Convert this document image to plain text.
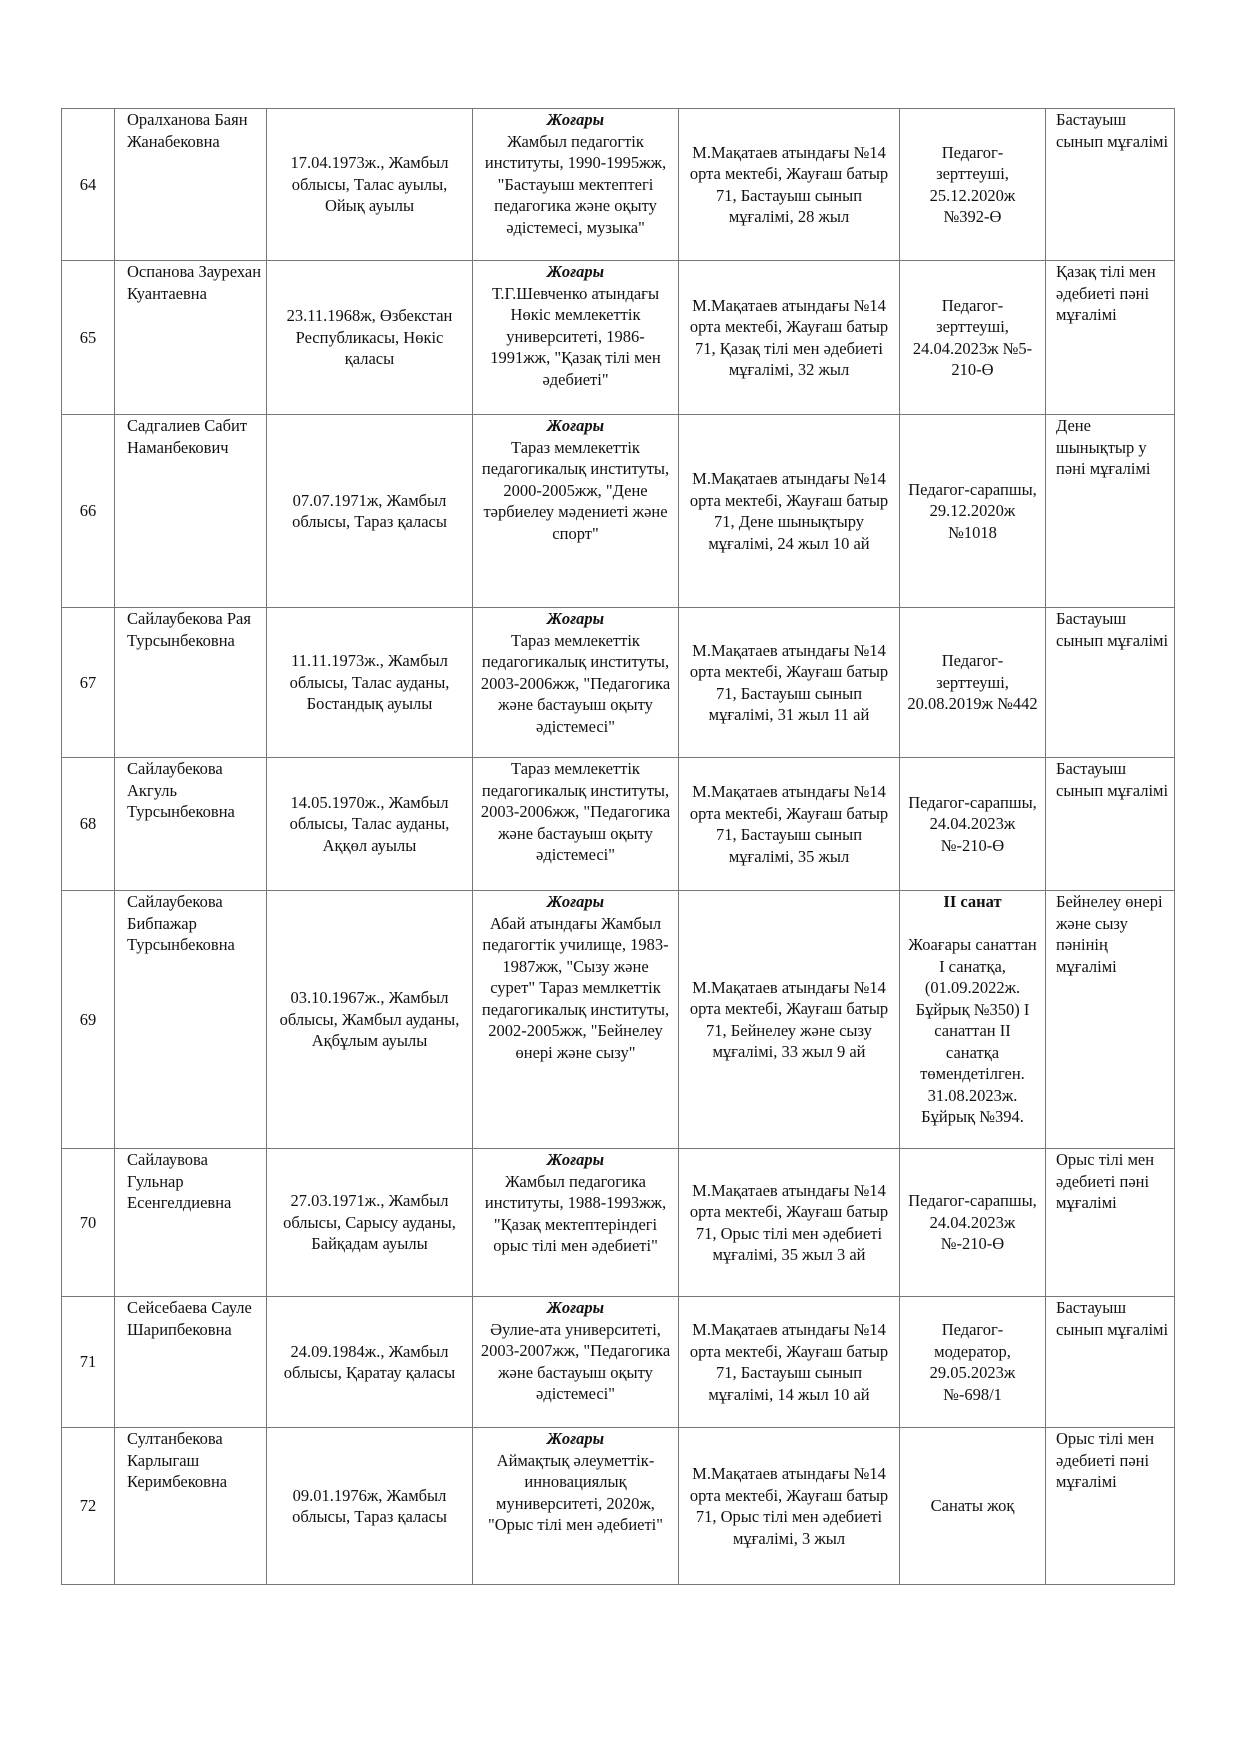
64	Оралханова Баян Жанабековна	17.04.1973ж., Жамбыл облысы, Талас ауылы, Ойық ауылы	Жоғары
Жамбыл педагогтік институты, 1990-1995жж, "Бастауыш мектептегі педагогика және оқыту әдістемесі, музыка"	М.Мақатаев атындағы №14 орта мектебі, Жауғаш батыр 71, Бастауыш сынып мұғалімі, 28 жыл	Педагог-зерттеуші, 25.12.2020ж №392-Ө	Бастауыш сынып мұғалімі
65	Оспанова Заурехан Куантаевна	23.11.1968ж, Өзбекстан Республикасы, Нөкіс қаласы	Жоғары
Т.Г.Шевченко атындағы Нөкіс мемлекеттік университеті, 1986-1991жж, "Қазақ тілі мен әдебиеті"	М.Мақатаев атындағы №14 орта мектебі, Жауғаш батыр 71, Қазақ тілі мен әдебиеті мұғалімі, 32 жыл	Педагог-зерттеуші, 24.04.2023ж №5-210-Ө	Қазақ тілі мен әдебиеті пәні мұғалімі
66	Садгалиев Сабит Наманбекович	07.07.1971ж, Жамбыл облысы, Тараз қаласы	Жоғары
Тараз мемлекеттік педагогикалық институты, 2000-2005жж, "Дене тәрбиелеу мәдениеті және спорт"	М.Мақатаев атындағы №14 орта мектебі, Жауғаш батыр 71, Дене шынықтыру мұғалімі, 24 жыл 10 ай	Педагог-сарапшы, 29.12.2020ж №1018	Дене шынықтыр у пәні мұғалімі
67	Сайлаубекова Рая Турсынбековна	11.11.1973ж., Жамбыл облысы, Талас ауданы, Бостандық ауылы	Жоғары
Тараз мемлекеттік педагогикалық институты, 2003-2006жж, "Педагогика және бастауыш оқыту әдістемесі"	М.Мақатаев атындағы №14 орта мектебі, Жауғаш батыр 71, Бастауыш сынып мұғалімі, 31 жыл 11 ай	Педагог-зерттеуші, 20.08.2019ж №442	Бастауыш сынып мұғалімі
68	Сайлаубекова Акгуль Турсынбековна	14.05.1970ж., Жамбыл облысы, Талас ауданы, Аққөл ауылы	Тараз мемлекеттік педагогикалық институты, 2003-2006жж, "Педагогика және бастауыш оқыту әдістемесі"	М.Мақатаев атындағы №14 орта мектебі, Жауғаш батыр 71, Бастауыш сынып мұғалімі, 35 жыл	Педагог-сарапшы, 24.04.2023ж №-210-Ө	Бастауыш сынып мұғалімі
69	Сайлаубекова Бибпажар Турсынбековна	03.10.1967ж., Жамбыл облысы, Жамбыл ауданы, Ақбұлым ауылы	Жоғары
Абай атындағы Жамбыл педагогтік училище, 1983-1987жж, "Сызу және сурет" Тараз мемлкеттік педагогикалық институты, 2002-2005жж, "Бейнелеу өнері және сызу"	М.Мақатаев атындағы №14 орта мектебі, Жауғаш батыр 71, Бейнелеу және сызу мұғалімі, 33 жыл 9 ай	II санат
Жоағары санаттан І санатқа, (01.09.2022ж. Бұйрық №350) І санаттан ІІ санатқа төмендетілген. 31.08.2023ж. Бұйрық №394.	Бейнелеу өнері және сызу пәнінің мұғалімі
70	Сайлаувова Гульнар Есенгелдиевна	27.03.1971ж., Жамбыл облысы, Сарысу ауданы, Байқадам ауылы	Жоғары
Жамбыл педагогика институты, 1988-1993жж, "Қазақ мектептеріндегі орыс тілі мен әдебиеті"	М.Мақатаев атындағы №14 орта мектебі, Жауғаш батыр 71, Орыс тілі мен әдебиеті мұғалімі, 35 жыл 3 ай	Педагог-сарапшы, 24.04.2023ж №-210-Ө	Орыс тілі мен әдебиеті пәні мұғалімі
71	Сейсебаева Сауле Шарипбековна	24.09.1984ж., Жамбыл облысы, Қаратау қаласы	Жоғары
Әулие-ата университеті, 2003-2007жж, "Педагогика және бастауыш оқыту әдістемесі"	М.Мақатаев атындағы №14 орта мектебі, Жауғаш батыр 71, Бастауыш сынып мұғалімі, 14 жыл 10 ай	Педагог-модератор, 29.05.2023ж №-698/1	Бастауыш сынып мұғалімі
72	Султанбекова Карлыгаш Керимбековна	09.01.1976ж, Жамбыл облысы, Тараз қаласы	Жоғары
Аймақтық әлеуметтік-инновациялық муниверситеті, 2020ж, "Орыс тілі мен әдебиеті"	М.Мақатаев атындағы №14 орта мектебі, Жауғаш батыр 71, Орыс тілі мен әдебиеті мұғалімі, 3 жыл	Санаты жоқ	Орыс тілі мен әдебиеті пәні мұғалімі
